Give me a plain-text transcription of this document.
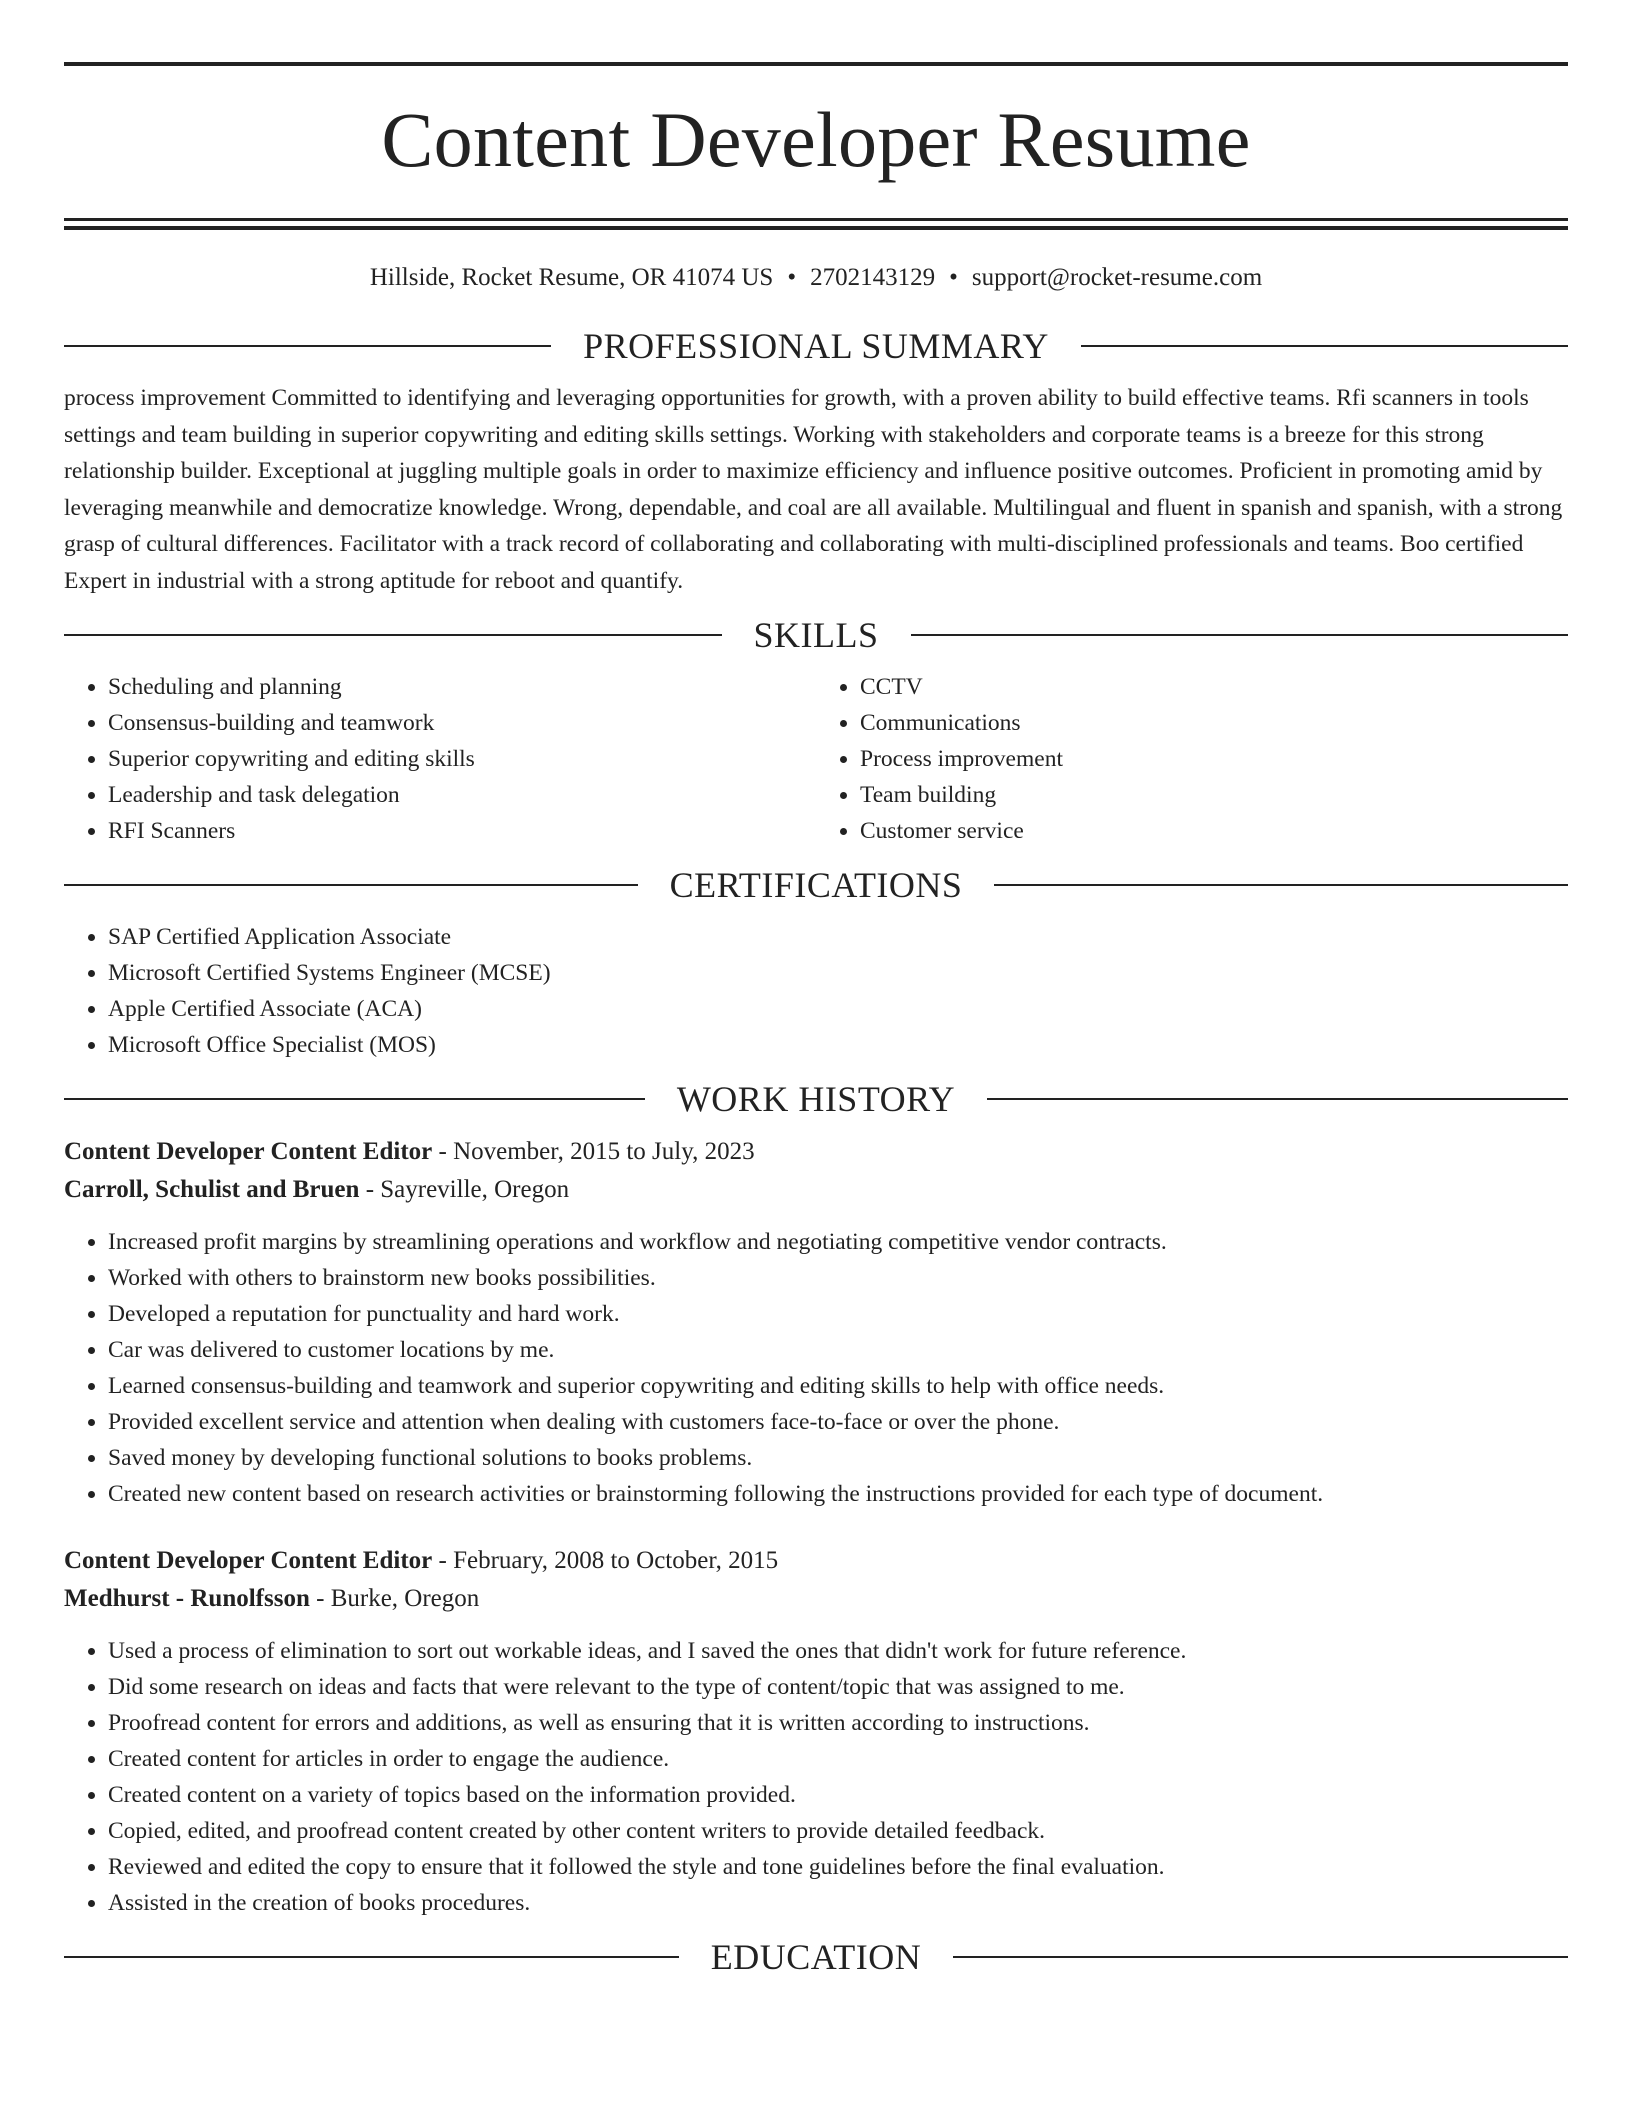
Content Developer Resume
Hillside, Rocket Resume, OR 41074 US • 2702143129 • support@rocket-resume.com
PROFESSIONAL SUMMARY

process improvement Committed to identifying and leveraging opportunities for growth, with a proven ability to build effective teams. Rfi scanners in tools settings and team building in superior copywriting and editing skills settings. Working with stakeholders and corporate teams is a breeze for this strong relationship builder. Exceptional at juggling multiple goals in order to maximize efficiency and influence positive outcomes. Proficient in promoting amid by leveraging meanwhile and democratize knowledge. Wrong, dependable, and coal are all available. Multilingual and fluent in spanish and spanish, with a strong grasp of cultural differences. Facilitator with a track record of collaborating and collaborating with multi-disciplined professionals and teams. Boo certified Expert in industrial with a strong aptitude for reboot and quantify.

SKILLS
• Scheduling and planning
• Consensus-building and teamwork
• Superior copywriting and editing skills
• Leadership and task delegation
• RFI Scanners
• CCTV
• Communications
• Process improvement
• Team building
• Customer service
CERTIFICATIONS
• SAP Certified Application Associate
• Microsoft Certified Systems Engineer (MCSE)
• Apple Certified Associate (ACA)
• Microsoft Office Specialist (MOS)
WORK HISTORY
Content Developer Content Editor - November, 2015 to July, 2023
Carroll, Schulist and Bruen - Sayreville, Oregon
• Increased profit margins by streamlining operations and workflow and negotiating competitive vendor contracts.
• Worked with others to brainstorm new books possibilities.
• Developed a reputation for punctuality and hard work.
• Car was delivered to customer locations by me.
• Learned consensus-building and teamwork and superior copywriting and editing skills to help with office needs.
• Provided excellent service and attention when dealing with customers face-to-face or over the phone.
• Saved money by developing functional solutions to books problems.
• Created new content based on research activities or brainstorming following the instructions provided for each type of document.
Content Developer Content Editor - February, 2008 to October, 2015
Medhurst - Runolfsson - Burke, Oregon
• Used a process of elimination to sort out workable ideas, and I saved the ones that didn't work for future reference.
• Did some research on ideas and facts that were relevant to the type of content/topic that was assigned to me.
• Proofread content for errors and additions, as well as ensuring that it is written according to instructions.
• Created content for articles in order to engage the audience.
• Created content on a variety of topics based on the information provided.
• Copied, edited, and proofread content created by other content writers to provide detailed feedback.
• Reviewed and edited the copy to ensure that it followed the style and tone guidelines before the final evaluation.
• Assisted in the creation of books procedures.
EDUCATION
